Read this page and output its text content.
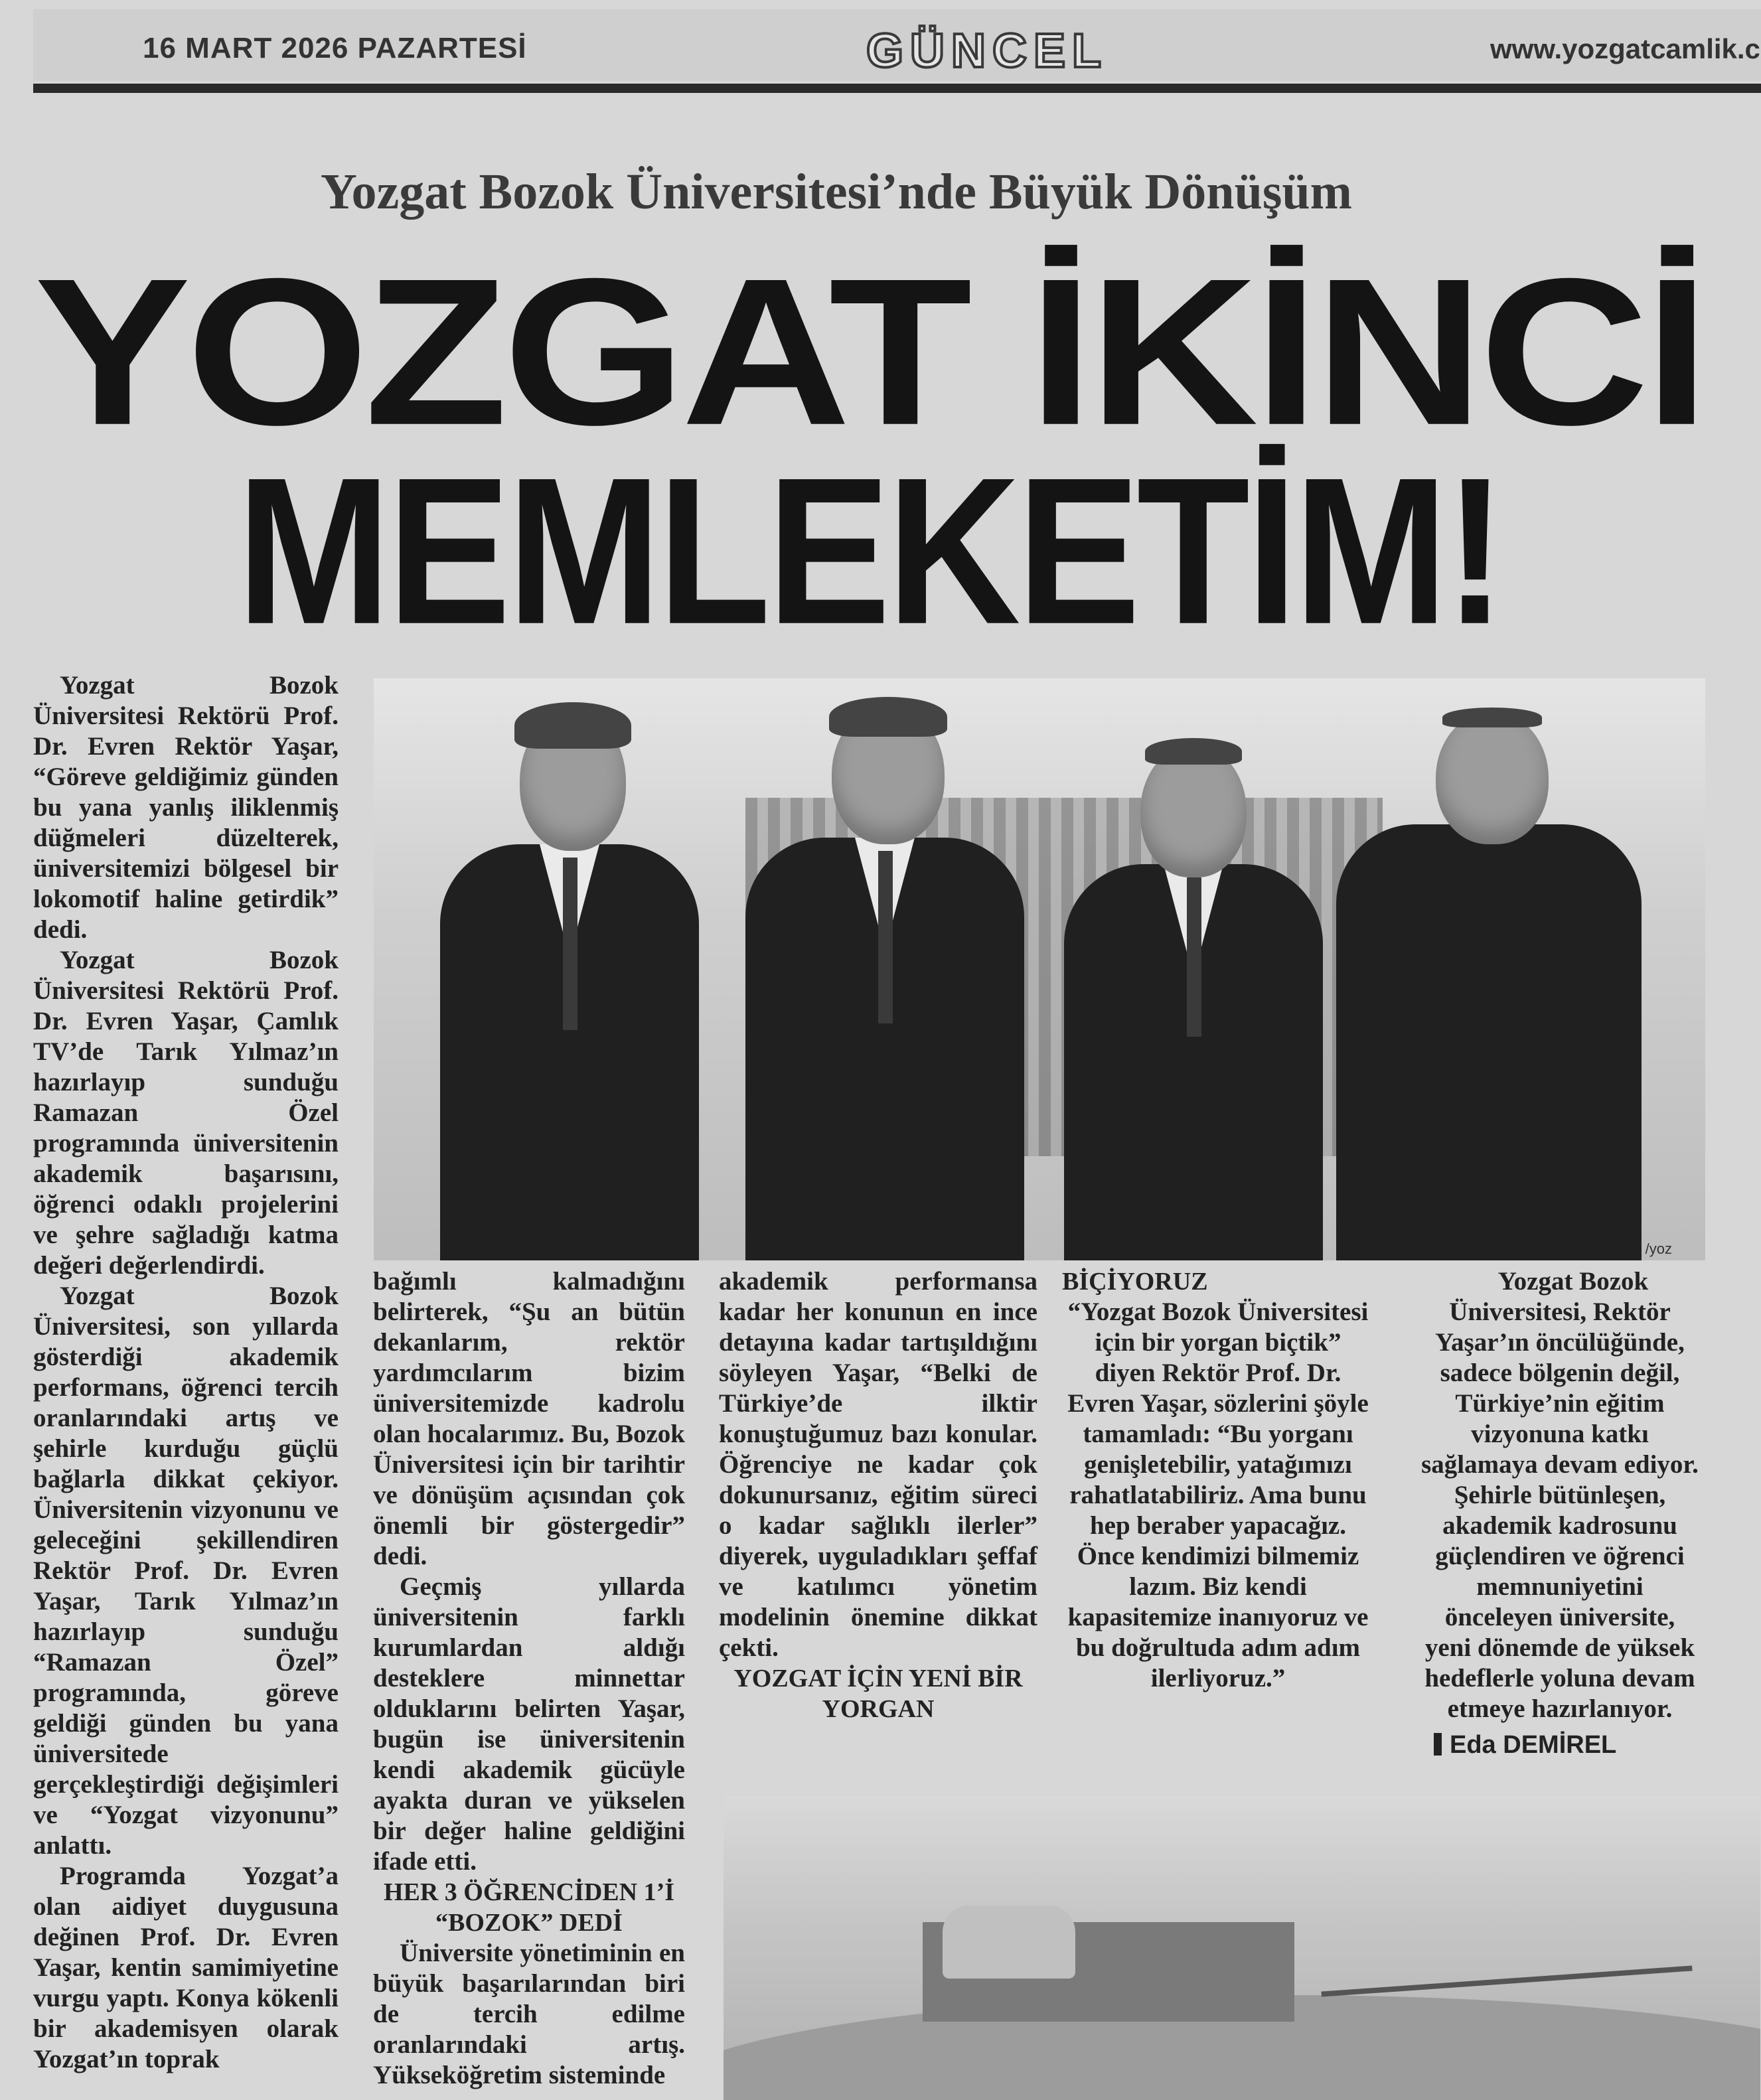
16 MART 2026 PAZARTESİ	GÜNCEL	www.yozgatcamlik.c
Yozgat Bozok Üniversitesi’nde Büyük Dönüşüm
YOZGAT İKİNCİ
MEMLEKETİM!

Yozgat Bozok Üniversitesi Rektörü Prof. Dr. Evren Rektör Yaşar, “Göreve geldiğimiz günden bu yana yanlış iliklenmiş düğmeleri düzelterek, üniversitemizi bölgesel bir lokomotif haline getirdik” dedi.

Yozgat Bozok Üniversitesi Rektörü Prof. Dr. Evren Yaşar, Çamlık TV’de Tarık Yılmaz’ın hazırlayıp sunduğu Ramazan Özel programında üniversitenin akademik başarısını, öğrenci odaklı projelerini ve şehre sağladığı katma değeri değerlendirdi.

Yozgat Bozok Üniversitesi, son yıllarda gösterdiği akademik performans, öğrenci tercih oranlarındaki artış ve şehirle kurduğu güçlü bağlarla dikkat çekiyor. Üniversitenin vizyonunu ve geleceğini şekillendiren Rektör Prof. Dr. Evren Yaşar, Tarık Yılmaz’ın hazırlayıp sunduğu “Ramazan Özel” programında, göreve geldiği günden bu yana üniversitede gerçekleştirdiği değişimleri ve “Yozgat vizyonunu” anlattı.

Programda Yozgat’a olan aidiyet duygusuna değinen Prof. Dr. Evren Yaşar, kentin samimiyetine vurgu yaptı. Konya kökenli bir akademisyen olarak Yozgat’ın toprak

/yoz

bağımlı kalmadığını belirterek, “Şu an bütün dekanlarım, rektör yardımcılarım bizim üniversitemizde kadrolu olan hocalarımız. Bu, Bozok Üniversitesi için bir tarihtir ve dönüşüm açısından çok önemli bir göstergedir” dedi.

Geçmiş yıllarda üniversitenin farklı kurumlardan aldığı desteklere minnettar olduklarını belirten Yaşar, bugün ise üniversitenin kendi akademik gücüyle ayakta duran ve yükselen bir değer haline geldiğini ifade etti.

HER 3 ÖĞRENCİDEN 1’İ “BOZOK” DEDİ

Üniversite yönetiminin en büyük başarılarından biri de tercih edilme oranlarındaki artış. Yükseköğretim sisteminde

akademik performansa kadar her konunun en ince detayına kadar tartışıldığını söyleyen Yaşar, “Belki de Türkiye’de ilktir konuştuğumuz bazı konular. Öğrenciye ne kadar çok dokunursanız, eğitim süreci o kadar sağlıklı ilerler” diyerek, uyguladıkları şeffaf ve katılımcı yönetim modelinin önemine dikkat çekti.

YOZGAT İÇİN YENİ BİR YORGAN

BİÇİYORUZ

“Yozgat Bozok Üniversitesi için bir yorgan biçtik” diyen Rektör Prof. Dr. Evren Yaşar, sözlerini şöyle tamamladı: “Bu yorganı genişletebilir, yatağımızı rahatlatabiliriz. Ama bunu hep beraber yapacağız. Önce kendimizi bilmemiz lazım. Biz kendi kapasitemize inanıyoruz ve bu doğrultuda adım adım ilerliyoruz.”

Yozgat Bozok Üniversitesi, Rektör Yaşar’ın öncülüğünde, sadece bölgenin değil, Türkiye’nin eğitim vizyonuna katkı sağlamaya devam ediyor. Şehirle bütünleşen, akademik kadrosunu güçlendiren ve öğrenci memnuniyetini önceleyen üniversite, yeni dönemde de yüksek hedeflerle yoluna devam etmeye hazırlanıyor.

Eda DEMİREL
